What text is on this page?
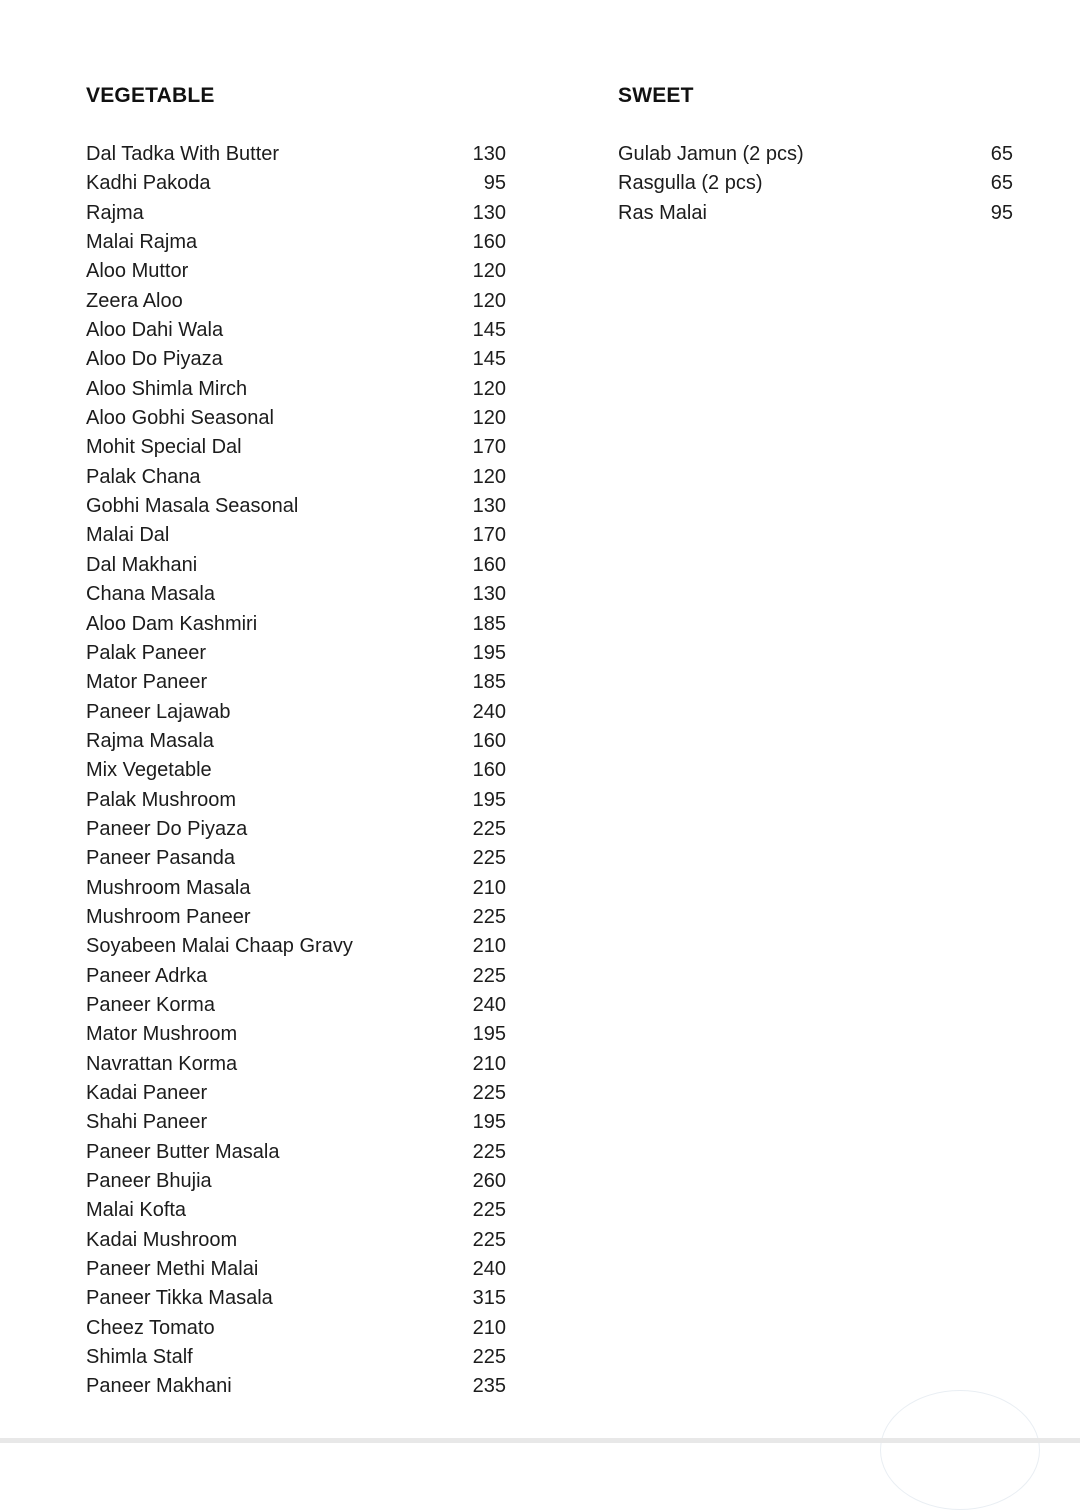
VEGETABLE	SWEET
Dal Tadka With Butter	130
Kadhi Pakoda	95
Rajma	130
Malai Rajma	160
Aloo Muttor	120
Zeera Aloo	120
Aloo Dahi Wala	145
Aloo Do Piyaza	145
Aloo Shimla Mirch	120
Aloo Gobhi Seasonal	120
Mohit Special Dal	170
Palak Chana	120
Gobhi Masala Seasonal	130
Malai Dal	170
Dal Makhani	160
Chana Masala	130
Aloo Dam Kashmiri	185
Palak Paneer	195
Mator Paneer	185
Paneer Lajawab	240
Rajma Masala	160
Mix Vegetable	160
Palak Mushroom	195
Paneer Do Piyaza	225
Paneer Pasanda	225
Mushroom Masala	210
Mushroom Paneer	225
Soyabeen Malai Chaap Gravy	210
Paneer Adrka	225
Paneer Korma	240
Mator Mushroom	195
Navrattan Korma	210
Kadai Paneer	225
Shahi Paneer	195
Paneer Butter Masala	225
Paneer Bhujia	260
Malai Kofta	225
Kadai Mushroom	225
Paneer Methi Malai	240
Paneer Tikka Masala	315
Cheez Tomato	210
Shimla Stalf	225
Paneer Makhani	235
Gulab Jamun (2 pcs)	65
Rasgulla (2 pcs)	65
Ras Malai	95
